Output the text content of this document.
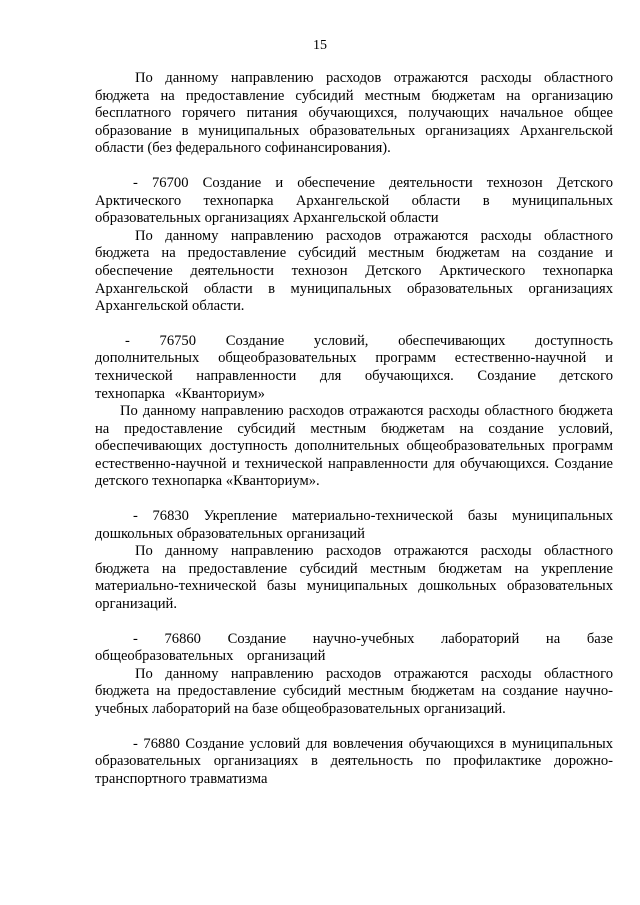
15

По данному направлению расходов отражаются расходы областного бюджета на предоставление субсидий местным бюджетам на организацию бесплатного горячего питания обучающихся, получающих начальное общее образование в муниципальных образовательных организациях Архангельской области (без федерального софинансирования).

- 76700 Создание и обеспечение деятельности технозон Детского Арктического технопарка Архангельской области в муниципальных образовательных организациях Архангельской области

По данному направлению расходов отражаются расходы областного бюджета на предоставление субсидий местным бюджетам на создание и обеспечение деятельности технозон Детского Арктического технопарка Архангельской области в муниципальных образовательных организациях Архангельской области.

- 76750 Создание условий, обеспечивающих доступность дополнительных общеобразовательных программ естественно-научной и технической направленности для обучающихся. Создание детского технопарка «Кванториум»

По данному направлению расходов отражаются расходы областного бюджета на предоставление субсидий местным бюджетам на создание условий, обеспечивающих доступность дополнительных общеобразовательных программ естественно-научной и технической направленности для обучающихся. Создание детского технопарка «Кванториум».

- 76830 Укрепление материально-технической базы муниципальных дошкольных образовательных организаций

По данному направлению расходов отражаются расходы областного бюджета на предоставление субсидий местным бюджетам на укрепление материально-технической базы муниципальных дошкольных образовательных организаций.

- 76860 Создание научно-учебных лабораторий на базе общеобразовательных организаций

По данному направлению расходов отражаются расходы областного бюджета на предоставление субсидий местным бюджетам на создание научно-учебных лабораторий на базе общеобразовательных организаций.

- 76880 Создание условий для вовлечения обучающихся в муниципальных образовательных организациях в деятельность по профилактике дорожно-транспортного травматизма
